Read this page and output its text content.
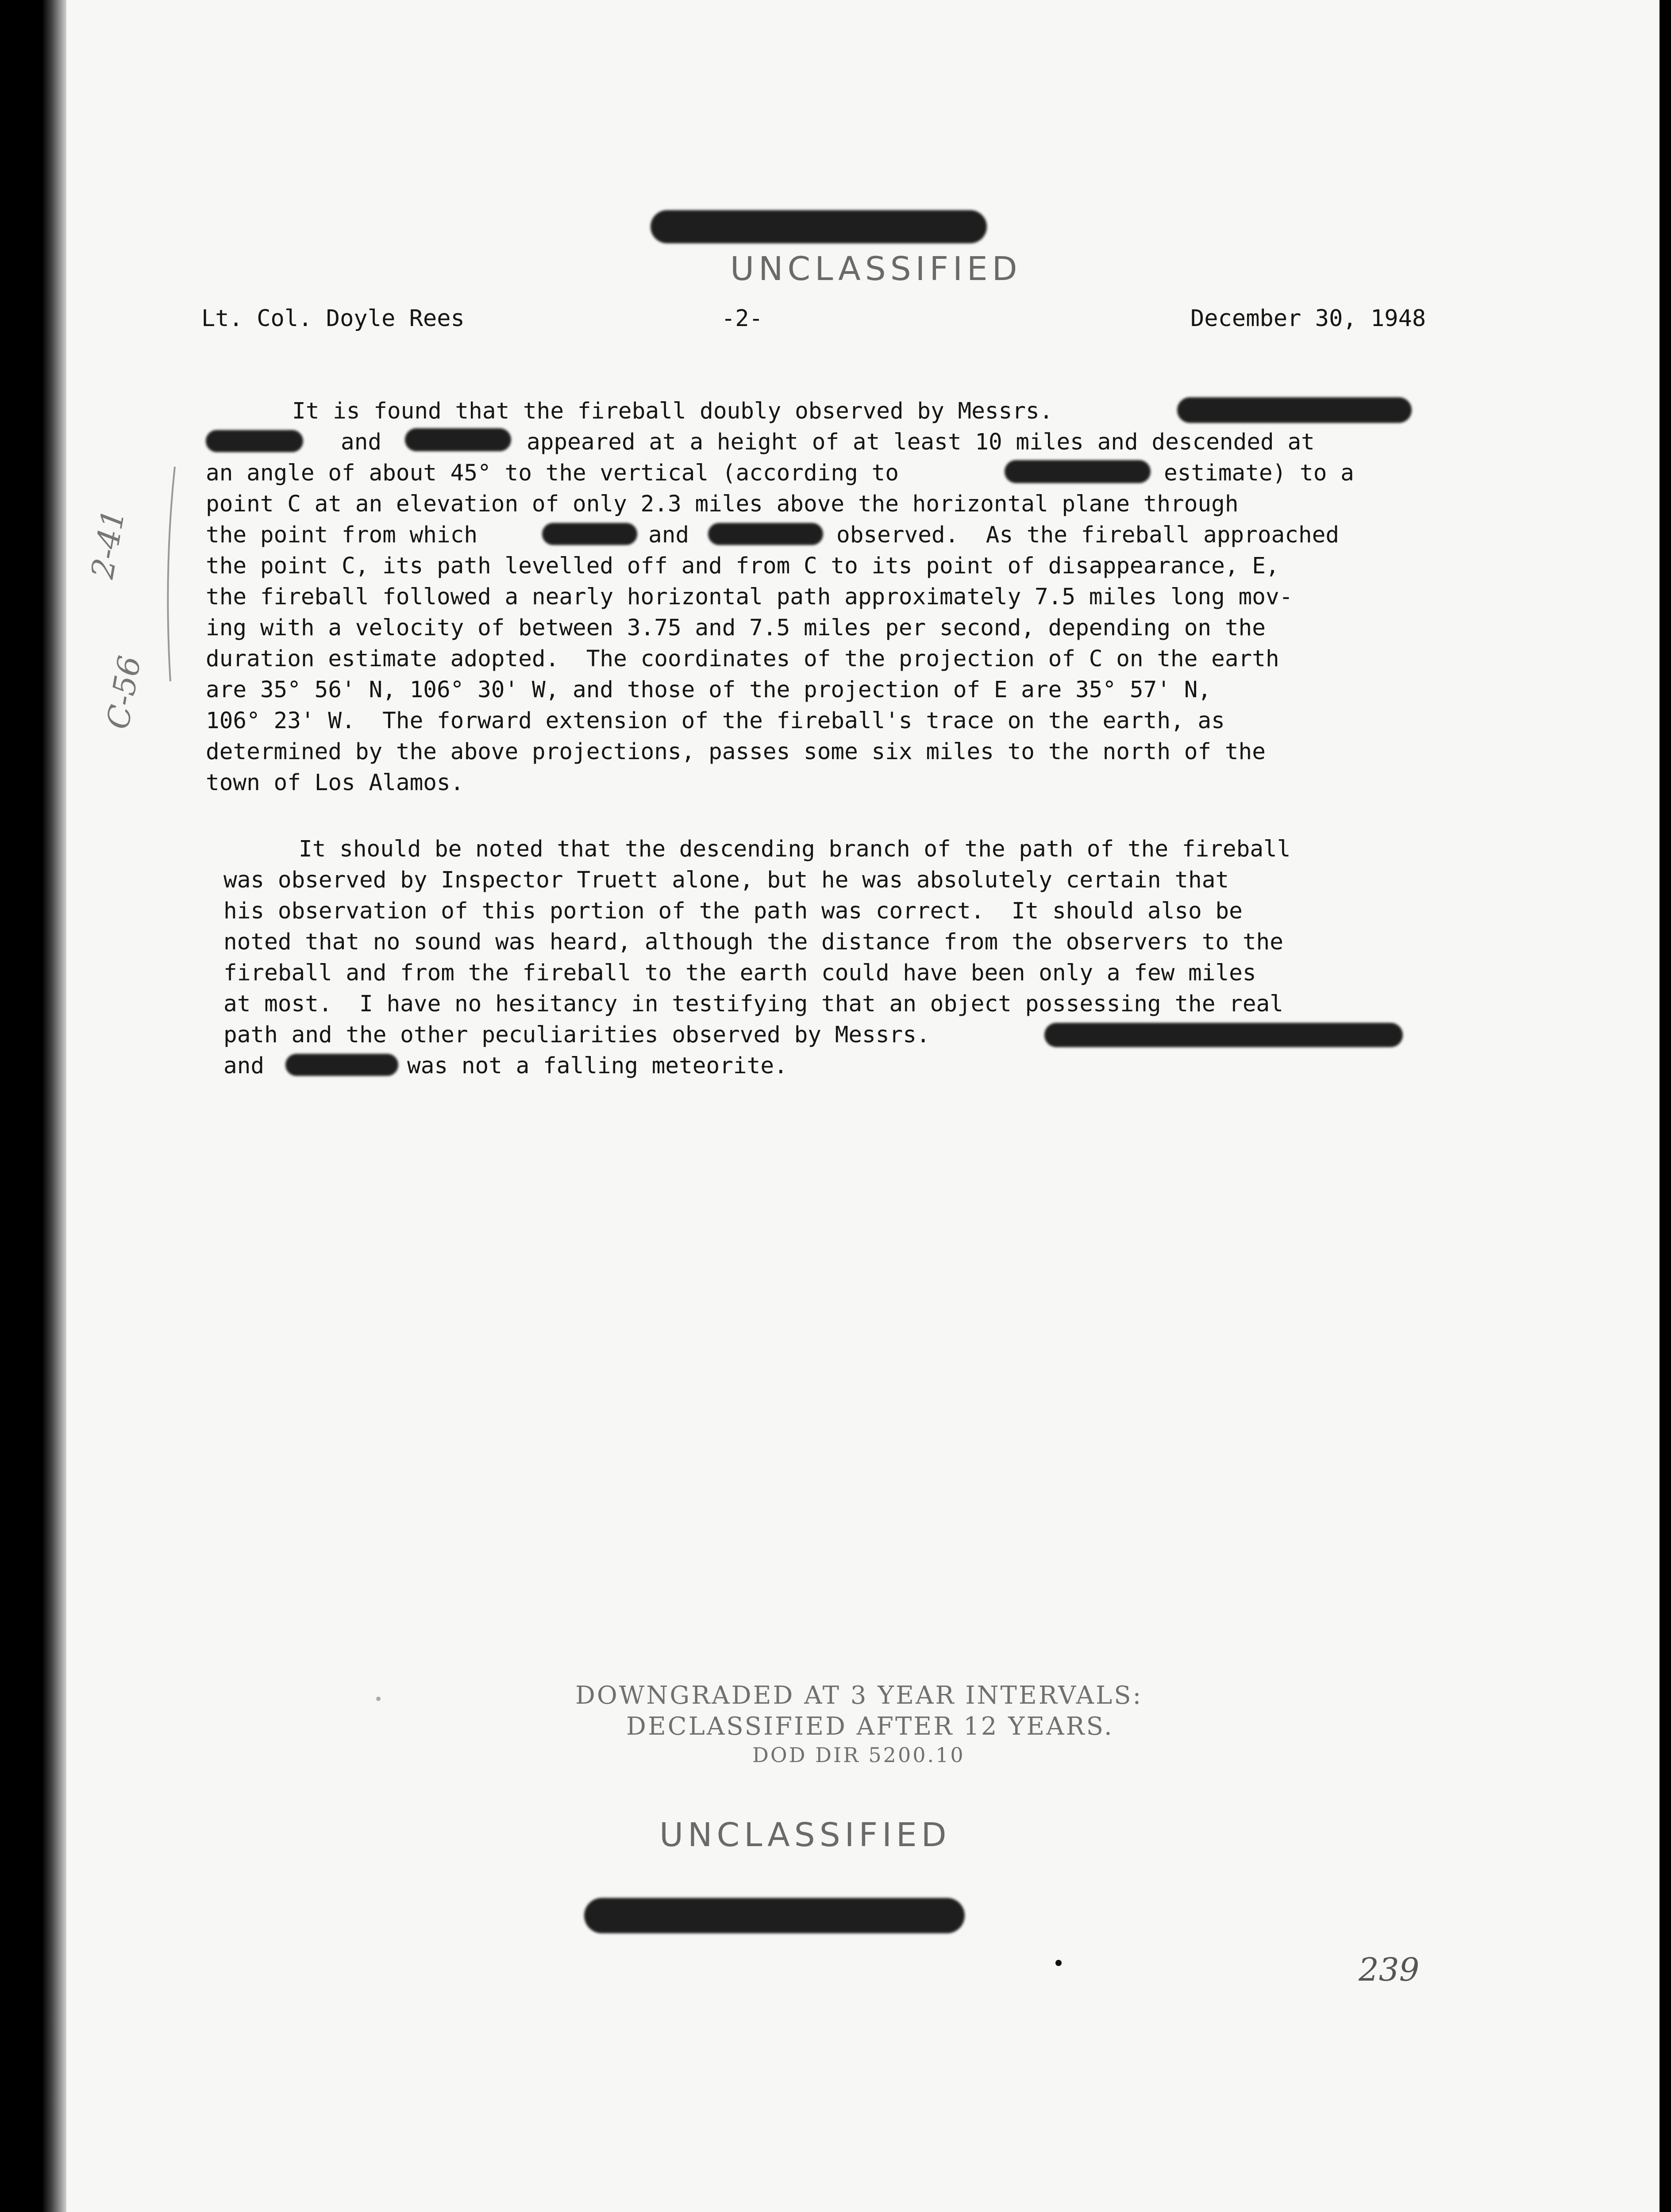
UNCLASSIFIED
Lt. Col. Doyle Rees	-2-	December 30, 1948
It is found that the fireball doubly observed by Messrs.
and	appeared at a height of at least 10 miles and descended at
an angle of about 45° to the vertical (according to	estimate) to a
point C at an elevation of only 2.3 miles above the horizontal plane through
the point from which	and	observed.  As the fireball approached
the point C, its path levelled off and from C to its point of disappearance, E,
the fireball followed a nearly horizontal path approximately 7.5 miles long mov-
ing with a velocity of between 3.75 and 7.5 miles per second, depending on the
duration estimate adopted.  The coordinates of the projection of C on the earth
are 35° 56' N, 106° 30' W, and those of the projection of E are 35° 57' N,
106° 23' W.  The forward extension of the fireball's trace on the earth, as
determined by the above projections, passes some six miles to the north of the
town of Los Alamos.
It should be noted that the descending branch of the path of the fireball
was observed by Inspector Truett alone, but he was absolutely certain that
his observation of this portion of the path was correct.  It should also be
noted that no sound was heard, although the distance from the observers to the
fireball and from the fireball to the earth could have been only a few miles
at most.  I have no hesitancy in testifying that an object possessing the real
path and the other peculiarities observed by Messrs.
and	was not a falling meteorite.
2-41
C-56
DOWNGRADED AT 3 YEAR INTERVALS:
DECLASSIFIED AFTER 12 YEARS.
DOD DIR 5200.10
UNCLASSIFIED
239
